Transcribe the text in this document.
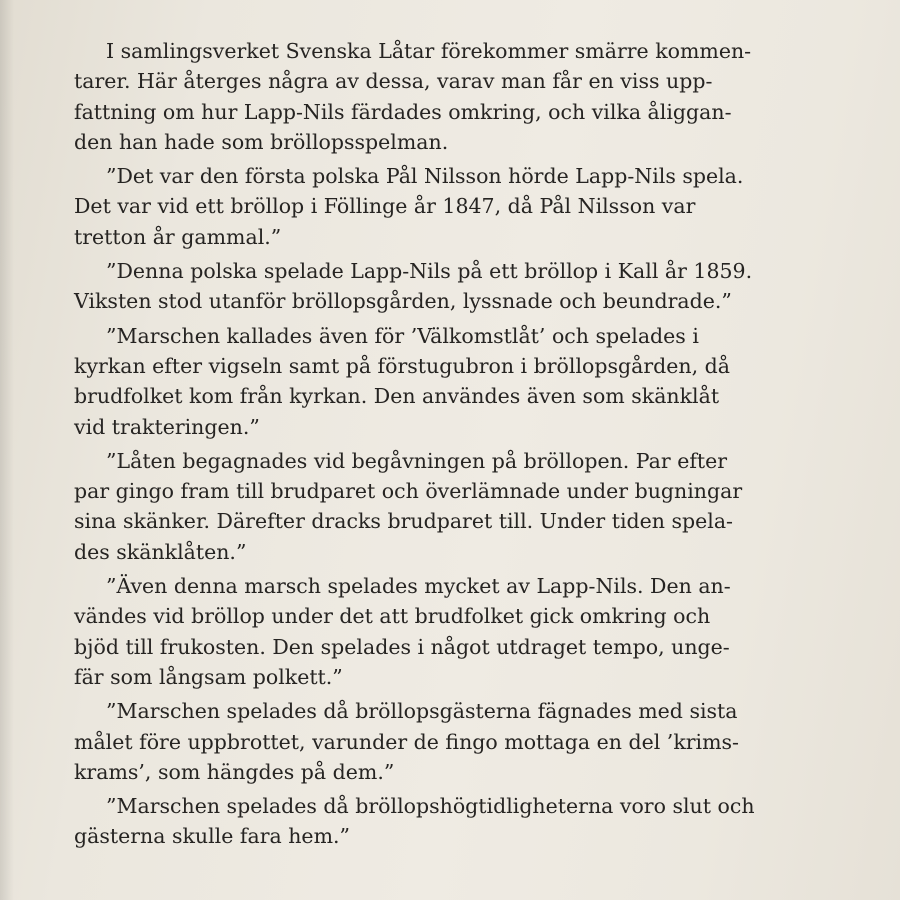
I samlingsverket Svenska Låtar förekommer smärre kommen-
tarer. Här återges några av dessa, varav man får en viss upp-
fattning om hur Lapp-Nils färdades omkring, och vilka åliggan-
den han hade som bröllopsspelman.

”Det var den första polska Pål Nilsson hörde Lapp-Nils spela.
Det var vid ett bröllop i Föllinge år 1847, då Pål Nilsson var
tretton år gammal.”

”Denna polska spelade Lapp-Nils på ett bröllop i Kall år 1859.
Viksten stod utanför bröllopsgården, lyssnade och beundrade.”

”Marschen kallades även för ’Välkomstlåt’ och spelades i
kyrkan efter vigseln samt på förstugubron i bröllopsgården, då
brudfolket kom från kyrkan. Den användes även som skänklåt
vid trakteringen.”

”Låten begagnades vid begåvningen på bröllopen. Par efter
par gingo fram till brudparet och överlämnade under bugningar
sina skänker. Därefter dracks brudparet till. Under tiden spela-
des skänklåten.”

”Även denna marsch spelades mycket av Lapp-Nils. Den an-
vändes vid bröllop under det att brudfolket gick omkring och
bjöd till frukosten. Den spelades i något utdraget tempo, unge-
fär som långsam polkett.”

”Marschen spelades då bröllopsgästerna fägnades med sista
målet före uppbrottet, varunder de fingo mottaga en del ’krims-
krams’, som hängdes på dem.”

”Marschen spelades då bröllopshögtidligheterna voro slut och
gästerna skulle fara hem.”
